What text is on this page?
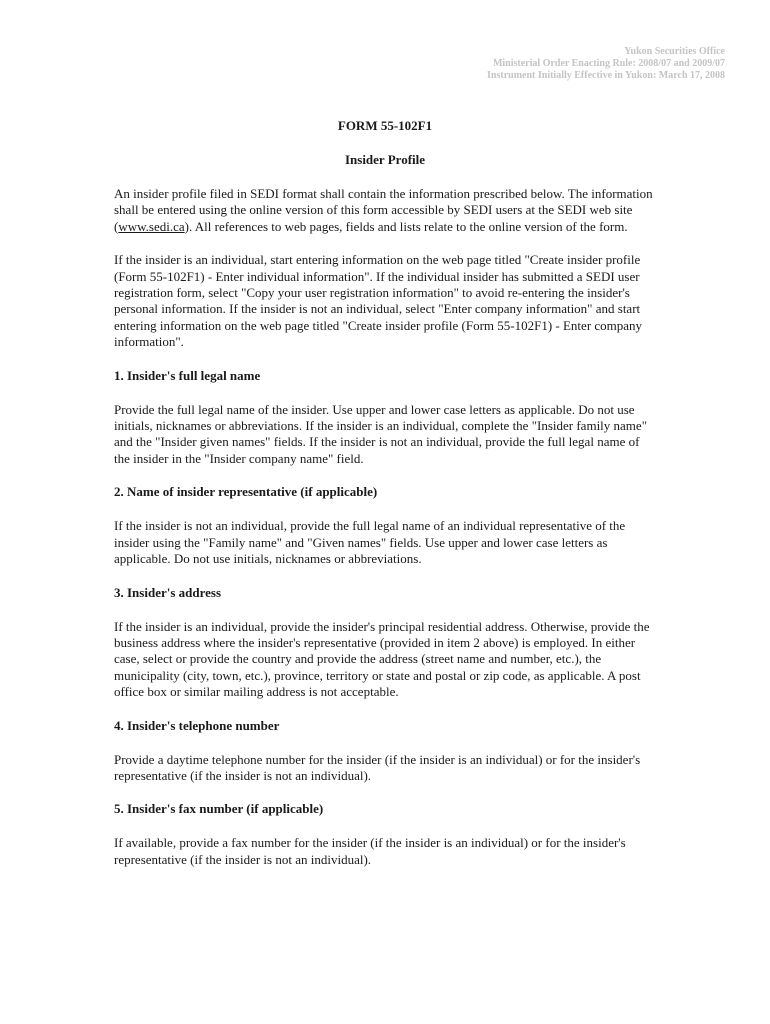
Yukon Securities Office
Ministerial Order Enacting Rule: 2008/07 and 2009/07
Instrument Initially Effective in Yukon: March 17, 2008
FORM 55-102F1
Insider Profile

An insider profile filed in SEDI format shall contain the information prescribed below. The information shall be entered using the online version of this form accessible by SEDI users at the SEDI web site (www.sedi.ca). All references to web pages, fields and lists relate to the online version of the form.

If the insider is an individual, start entering information on the web page titled "Create insider profile (Form 55-102F1) - Enter individual information". If the individual insider has submitted a SEDI user registration form, select "Copy your user registration information" to avoid re-entering the insider's personal information. If the insider is not an individual, select "Enter company information" and start entering information on the web page titled "Create insider profile (Form 55-102F1) - Enter company information".

1. Insider's full legal name

Provide the full legal name of the insider. Use upper and lower case letters as applicable. Do not use initials, nicknames or abbreviations. If the insider is an individual, complete the "Insider family name" and the "Insider given names" fields. If the insider is not an individual, provide the full legal name of the insider in the "Insider company name" field.

2. Name of insider representative (if applicable)

If the insider is not an individual, provide the full legal name of an individual representative of the insider using the "Family name" and "Given names" fields. Use upper and lower case letters as applicable. Do not use initials, nicknames or abbreviations.

3. Insider's address

If the insider is an individual, provide the insider's principal residential address. Otherwise, provide the business address where the insider's representative (provided in item 2 above) is employed. In either case, select or provide the country and provide the address (street name and number, etc.), the municipality (city, town, etc.), province, territory or state and postal or zip code, as applicable. A post office box or similar mailing address is not acceptable.

4. Insider's telephone number

Provide a daytime telephone number for the insider (if the insider is an individual) or for the insider's representative (if the insider is not an individual).

5. Insider's fax number (if applicable)

If available, provide a fax number for the insider (if the insider is an individual) or for the insider's representative (if the insider is not an individual).
